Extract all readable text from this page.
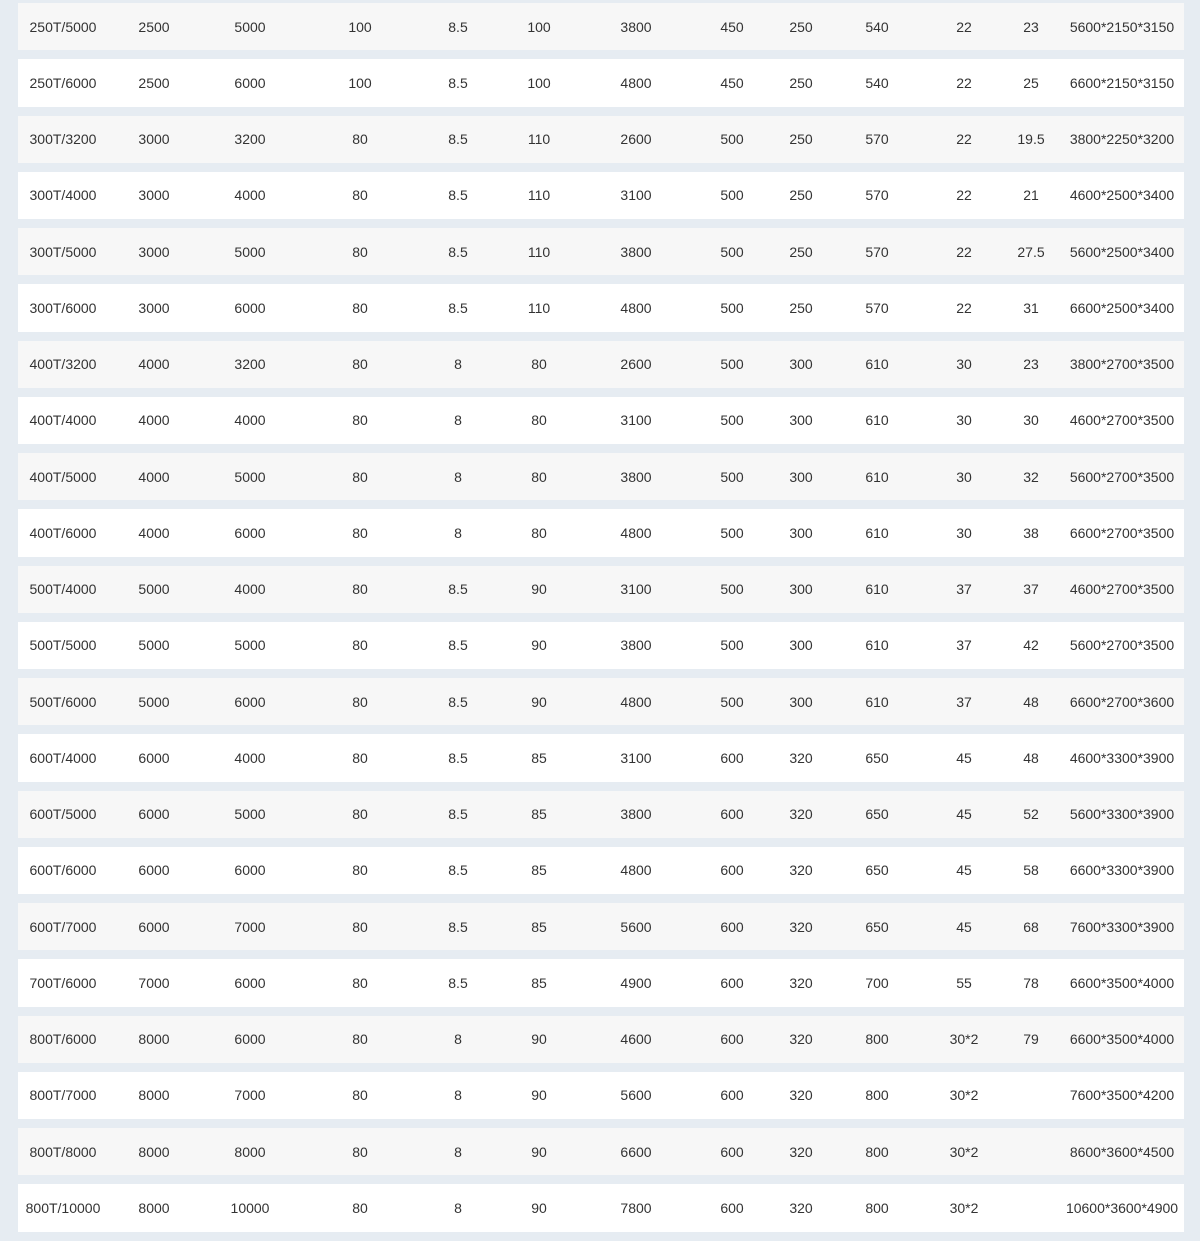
250T/5000	2500	5000	100	8.5	100	3800	450	250	540	22	23	5600*2150*3150
250T/6000	2500	6000	100	8.5	100	4800	450	250	540	22	25	6600*2150*3150
300T/3200	3000	3200	80	8.5	110	2600	500	250	570	22	19.5	3800*2250*3200
300T/4000	3000	4000	80	8.5	110	3100	500	250	570	22	21	4600*2500*3400
300T/5000	3000	5000	80	8.5	110	3800	500	250	570	22	27.5	5600*2500*3400
300T/6000	3000	6000	80	8.5	110	4800	500	250	570	22	31	6600*2500*3400
400T/3200	4000	3200	80	8	80	2600	500	300	610	30	23	3800*2700*3500
400T/4000	4000	4000	80	8	80	3100	500	300	610	30	30	4600*2700*3500
400T/5000	4000	5000	80	8	80	3800	500	300	610	30	32	5600*2700*3500
400T/6000	4000	6000	80	8	80	4800	500	300	610	30	38	6600*2700*3500
500T/4000	5000	4000	80	8.5	90	3100	500	300	610	37	37	4600*2700*3500
500T/5000	5000	5000	80	8.5	90	3800	500	300	610	37	42	5600*2700*3500
500T/6000	5000	6000	80	8.5	90	4800	500	300	610	37	48	6600*2700*3600
600T/4000	6000	4000	80	8.5	85	3100	600	320	650	45	48	4600*3300*3900
600T/5000	6000	5000	80	8.5	85	3800	600	320	650	45	52	5600*3300*3900
600T/6000	6000	6000	80	8.5	85	4800	600	320	650	45	58	6600*3300*3900
600T/7000	6000	7000	80	8.5	85	5600	600	320	650	45	68	7600*3300*3900
700T/6000	7000	6000	80	8.5	85	4900	600	320	700	55	78	6600*3500*4000
800T/6000	8000	6000	80	8	90	4600	600	320	800	30*2	79	6600*3500*4000
800T/7000	8000	7000	80	8	90	5600	600	320	800	30*2		7600*3500*4200
800T/8000	8000	8000	80	8	90	6600	600	320	800	30*2		8600*3600*4500
800T/10000	8000	10000	80	8	90	7800	600	320	800	30*2		10600*3600*4900
